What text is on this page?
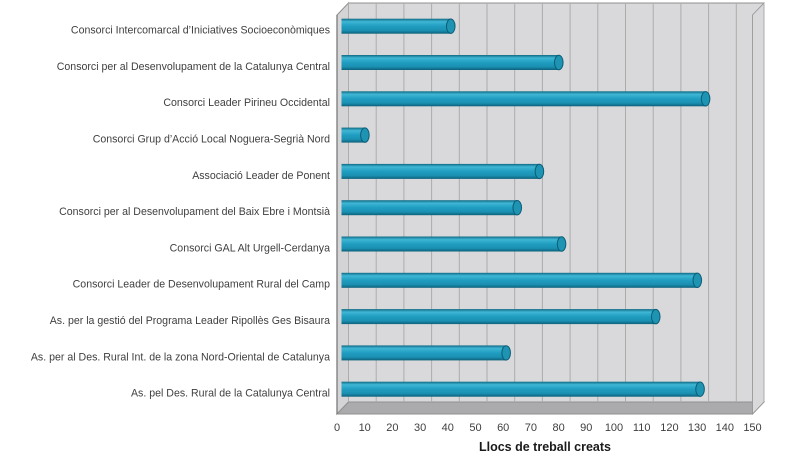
Consorci Intercomarcal d’Iniciatives Socioeconòmiques
Consorci per al Desenvolupament de la Catalunya Central
Consorci Leader Pirineu Occidental
Consorci Grup d’Acció Local Noguera-Segrià Nord
Associació Leader de Ponent
Consorci per al Desenvolupament del Baix Ebre i Montsià
Consorci GAL Alt Urgell-Cerdanya
Consorci Leader de Desenvolupament Rural del Camp
As. per la gestió del Programa Leader Ripollès Ges Bisaura
As. per al Des. Rural Int. de la zona Nord-Oriental de Catalunya
As. pel Des. Rural de la Catalunya Central
0 10 20 30 40 50 60 70 80 90 100 110 120 130 140 150
Llocs de treball creats
